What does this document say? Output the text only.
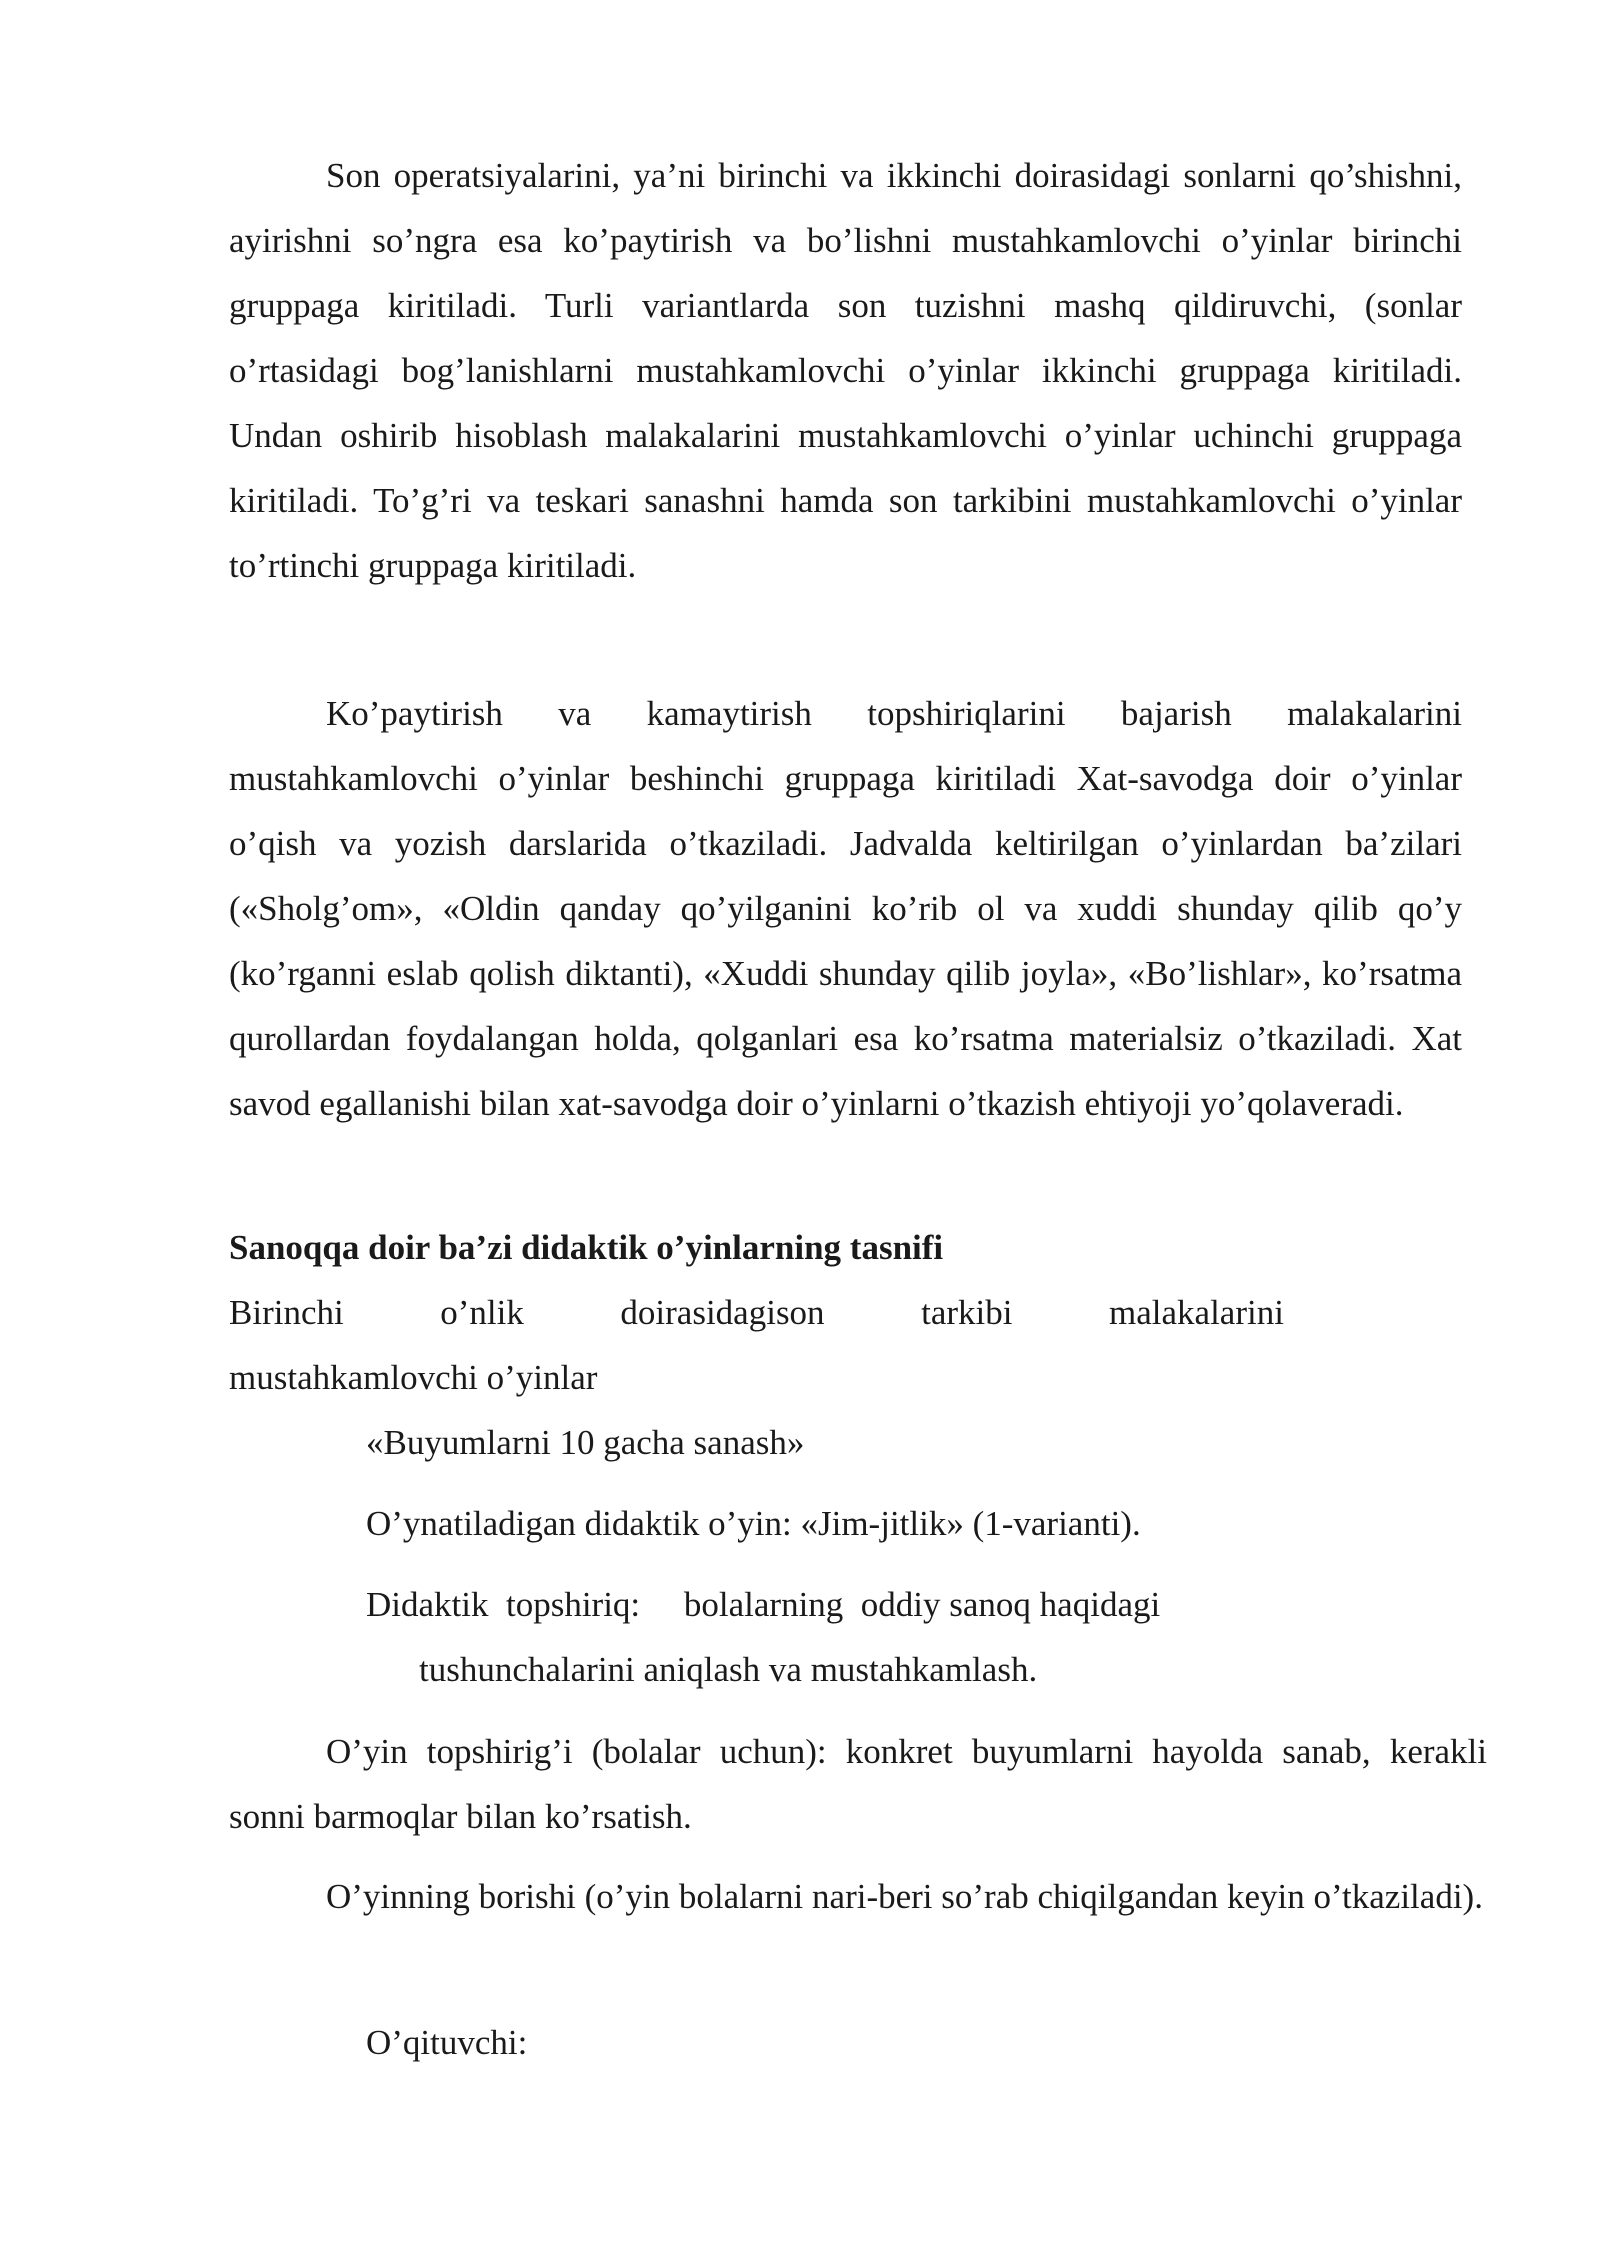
Son operatsiyalarini, ya’ni birinchi va ikkinchi doirasidagi sonlarni qo’shishni, ayirishni so’ngra esa ko’paytirish va bo’lishni mustahkamlovchi o’yinlar birinchi gruppaga kiritiladi. Turli variantlarda son tuzishni mashq qildiruvchi, (sonlar o’rtasidagi bog’lanishlarni mustahkamlovchi o’yinlar ikkinchi gruppaga kiritiladi. Undan oshirib hisoblash malakalarini mustahkamlovchi o’yinlar uchinchi gruppaga kiritiladi. To’g’ri va teskari sanashni hamda son tarkibini mustahkamlovchi o’yinlar to’rtinchi gruppaga kiritiladi.

Ko’paytirish va kamaytirish topshiriqlarini bajarish malakalarini mustahkamlovchi o’yinlar beshinchi gruppaga kiritiladi Xat-savodga doir o’yinlar o’qish va yozish darslarida o’tkaziladi. Jadvalda keltirilgan o’yinlardan ba’zilari («Sholg’om», «Oldin qanday qo’yilganini ko’rib ol va xuddi shunday qilib qo’y (ko’rganni eslab qolish diktanti), «Xuddi shunday qilib joyla», «Bo’lishlar», ko’rsatma qurollardan foydalangan holda, qolganlari esa ko’rsatma materialsiz o’tkaziladi. Xat savod egallanishi bilan xat-savodga doir o’yinlarni o’tkazish ehtiyoji yo’qolaveradi.

Sanoqqa doir ba’zi didaktik o’yinlarning tasnifi

Birinchi	o’nlik	doirasidagison	tarkibi	malakalarini

mustahkamlovchi o’yinlar

«Buyumlarni 10 gacha sanash»

O’ynatiladigan didaktik o’yin: «Jim-jitlik» (1-varianti).

Didaktik  topshiriq:     bolalarning  oddiy sanoq haqidagi

tushunchalarini aniqlash va mustahkamlash.

O’yin topshirig’i (bolalar uchun): konkret buyumlarni hayolda sanab, kerakli sonni barmoqlar bilan ko’rsatish.

O’yinning borishi (o’yin bolalarni nari-beri so’rab chiqilgandan keyin o’tkaziladi).

O’qituvchi:
